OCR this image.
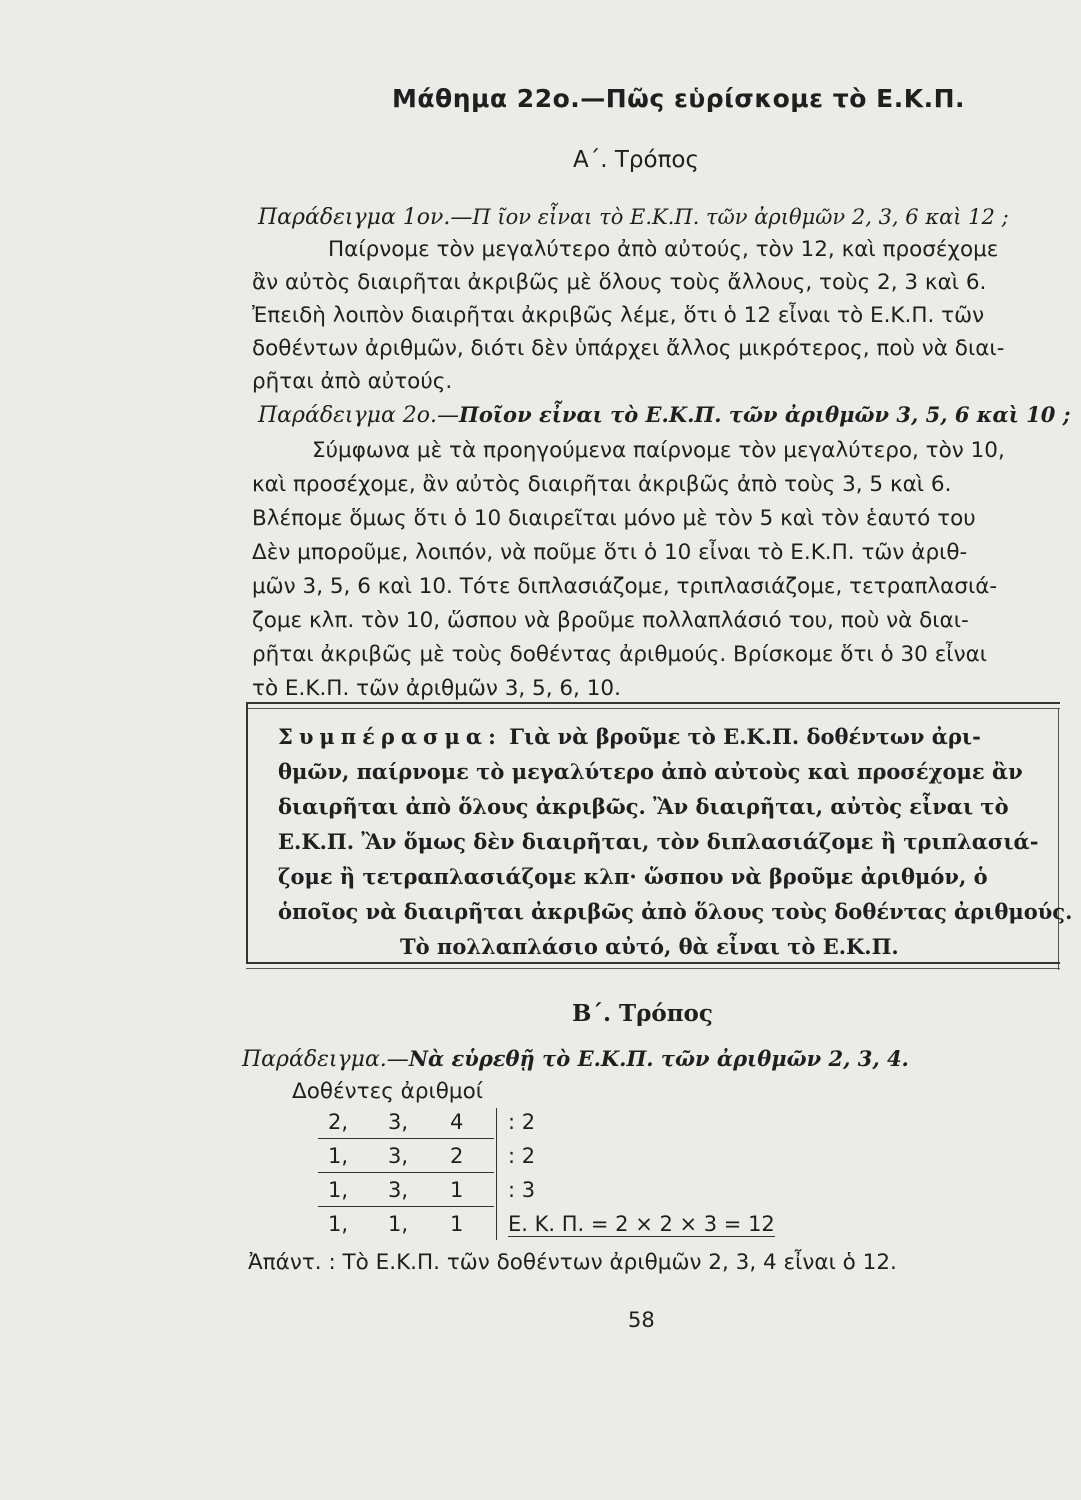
Μάθημα 22ο.—Πῶς εὑρίσκομε τὸ Ε.Κ.Π.
Α΄. Τρόπος
Παράδειγμα 1ον.—Π ῖον εἶναι τὸ Ε.Κ.Π. τῶν ἀριθμῶν 2, 3, 6 καὶ 12 ;
Παίρνομε τὸν μεγαλύτερο ἀπὸ αὐτούς, τὸν 12, καὶ προσέχομε
ἂν αὐτὸς διαιρῆται ἀκριβῶς μὲ ὅλους τοὺς ἄλλους, τοὺς 2, 3 καὶ 6.
Ἐπειδὴ λοιπὸν διαιρῆται ἀκριβῶς λέμε, ὅτι ὁ 12 εἶναι τὸ Ε.Κ.Π. τῶν
δοθέντων ἀριθμῶν, διότι δὲν ὑπάρχει ἄλλος μικρότερος, ποὺ νὰ διαι-
ρῆται ἀπὸ αὐτούς.
Παράδειγμα 2ο.—Ποῖον εἶναι τὸ Ε.Κ.Π. τῶν ἀριθμῶν 3, 5, 6 καὶ 10 ;
Σύμφωνα μὲ τὰ προηγούμενα παίρνομε τὸν μεγαλύτερο, τὸν 10,
καὶ προσέχομε, ἂν αὐτὸς διαιρῆται ἀκριβῶς ἀπὸ τοὺς 3, 5 καὶ 6.
Βλέπομε ὅμως ὅτι ὁ 10 διαιρεῖται μόνο μὲ τὸν 5 καὶ τὸν ἑαυτό του
Δὲν μποροῦμε, λοιπόν, νὰ ποῦμε ὅτι ὁ 10 εἶναι τὸ Ε.Κ.Π. τῶν ἀριθ-
μῶν 3, 5, 6 καὶ 10. Τότε διπλασιάζομε, τριπλασιάζομε, τετραπλασιά-
ζομε κλπ. τὸν 10, ὥσπου νὰ βροῦμε πολλαπλάσιό του, ποὺ νὰ διαι-
ρῆται ἀκριβῶς μὲ τοὺς δοθέντας ἀριθμούς. Βρίσκομε ὅτι ὁ 30 εἶναι
τὸ Ε.Κ.Π. τῶν ἀριθμῶν 3, 5, 6, 10.
Συμπέρασμα: Γιὰ νὰ βροῦμε τὸ Ε.Κ.Π. δοθέντων ἀρι-
θμῶν, παίρνομε τὸ μεγαλύτερο ἀπὸ αὐτοὺς καὶ προσέχομε ἂν
διαιρῆται ἀπὸ ὅλους ἀκριβῶς. Ἂν διαιρῆται, αὐτὸς εἶναι τὸ
Ε.Κ.Π. Ἂν ὅμως δὲν διαιρῆται, τὸν διπλασιάζομε ἢ τριπλασιά-
ζομε ἢ τετραπλασιάζομε κλπ· ὥσπου νὰ βροῦμε ἀριθμόν, ὁ
ὁποῖος νὰ διαιρῆται ἀκριβῶς ἀπὸ ὅλους τοὺς δοθέντας ἀριθμούς.
Τὸ πολλαπλάσιο αὐτό, θὰ εἶναι τὸ Ε.Κ.Π.
Β΄. Τρόπος
Παράδειγμα.—Νὰ εὑρεθῇ τὸ Ε.Κ.Π. τῶν ἀριθμῶν 2, 3, 4.
Δοθέντες ἀριθμοί
2, 3, 4 : 2
1, 3, 2 : 2
1, 3, 1 : 3
1, 1, 1 Ε. Κ. Π. = 2 × 2 × 3 = 12
Ἀπάντ. : Τὸ Ε.Κ.Π. τῶν δοθέντων ἀριθμῶν 2, 3, 4 εἶναι ὁ 12.
58
